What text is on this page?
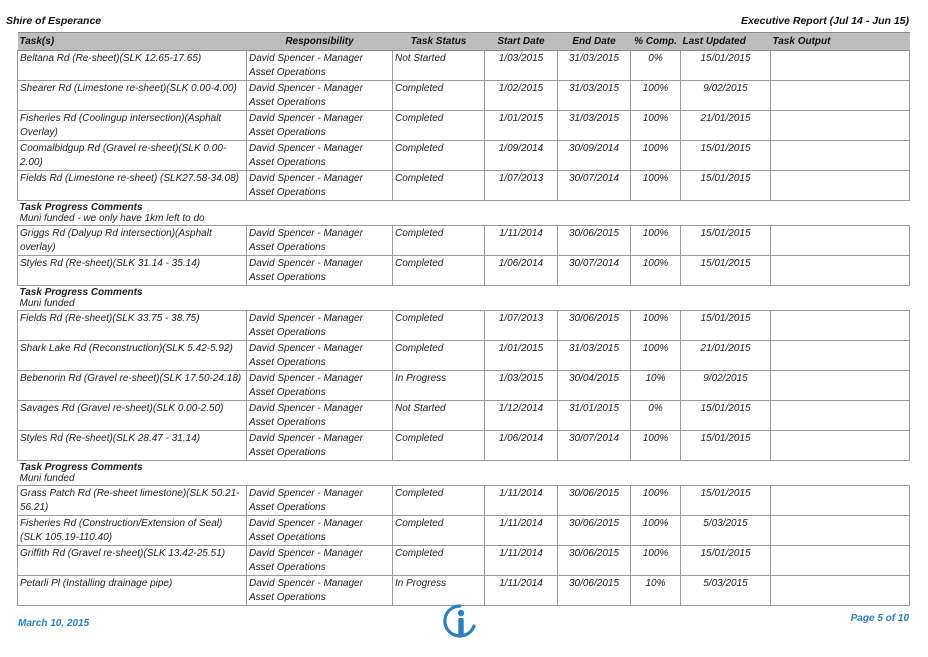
Shire of Esperance	Executive Report (Jul 14 - Jun 15)
Task(s)	Responsibility	Task Status	Start Date	End Date	% Comp.	Last Updated	Task Output
Beltana Rd (Re-sheet)(SLK 12.65-17.65)	David Spencer - Manager Asset Operations	Not Started	1/03/2015	31/03/2015	0%	15/01/2015	
Shearer Rd (Limestone re-sheet)(SLK 0.00-4.00)	David Spencer - Manager Asset Operations	Completed	1/02/2015	31/03/2015	100%	9/02/2015	
Fisheries Rd (Coolingup intersection)(Asphalt Overlay)	David Spencer - Manager Asset Operations	Completed	1/01/2015	31/03/2015	100%	21/01/2015	
Coomalbidgup Rd (Gravel re-sheet)(SLK 0.00-2.00)	David Spencer - Manager Asset Operations	Completed	1/09/2014	30/09/2014	100%	15/01/2015	
Fields Rd (Limestone re-sheet) (SLK27.58-34.08)	David Spencer - Manager Asset Operations	Completed	1/07/2013	30/07/2014	100%	15/01/2015	

Task Progress Comments
Muni funded - we only have 1km left to do							

Griggs Rd (Dalyup Rd intersection)(Asphalt overlay)	David Spencer - Manager Asset Operations	Completed	1/11/2014	30/06/2015	100%	15/01/2015	
Styles Rd (Re-sheet)(SLK 31.14 - 35.14)	David Spencer - Manager Asset Operations	Completed	1/06/2014	30/07/2014	100%	15/01/2015	

Task Progress Comments
Muni funded							

Fields Rd (Re-sheet)(SLK 33.75 - 38.75)	David Spencer - Manager Asset Operations	Completed	1/07/2013	30/06/2015	100%	15/01/2015	
Shark Lake Rd (Reconstruction)(SLK 5.42-5.92)	David Spencer - Manager Asset Operations	Completed	1/01/2015	31/03/2015	100%	21/01/2015	
Bebenorin Rd (Gravel re-sheet)(SLK 17.50-24.18)	David Spencer - Manager Asset Operations	In Progress	1/03/2015	30/04/2015	10%	9/02/2015	
Savages Rd (Gravel re-sheet)(SLK 0.00-2.50)	David Spencer - Manager Asset Operations	Not Started	1/12/2014	31/01/2015	0%	15/01/2015	
Styles Rd (Re-sheet)(SLK 28.47 - 31.14)	David Spencer - Manager Asset Operations	Completed	1/06/2014	30/07/2014	100%	15/01/2015	

Task Progress Comments
Muni funded							

Grass Patch Rd (Re-sheet limestone)(SLK 50.21-56.21)	David Spencer - Manager Asset Operations	Completed	1/11/2014	30/06/2015	100%	15/01/2015	
Fisheries Rd (Construction/Extension of Seal) (SLK 105.19-110.40)	David Spencer - Manager Asset Operations	Completed	1/11/2014	30/06/2015	100%	5/03/2015	
Griffith Rd (Gravel re-sheet)(SLK 13.42-25.51)	David Spencer - Manager Asset Operations	Completed	1/11/2014	30/06/2015	100%	15/01/2015	
Petarli Pl (Installing drainage pipe)	David Spencer - Manager Asset Operations	In Progress	1/11/2014	30/06/2015	10%	5/03/2015	
March 10, 2015	Page 5 of 10
